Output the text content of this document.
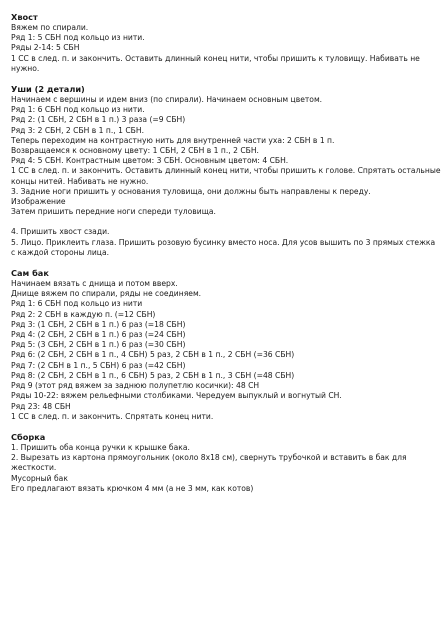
Хвост
Вяжем по спирали.
Ряд 1: 5 СБН под кольцо из нити.
Ряды 2-14: 5 СБН
1 СС в след. п. и закончить. Оставить длинный конец нити, чтобы пришить к туловищу. Набивать не нужно.
Уши (2 детали)
Начинаем с вершины и идем вниз (по спирали). Начинаем основным цветом.
Ряд 1: 6 СБН под кольцо из нити.
Ряд 2: (1 СБН, 2 СБН в 1 п.) 3 раза (=9 СБН)
Ряд 3: 2 СБН, 2 СБН в 1 п., 1 СБН.
Теперь переходим на контрастную нить для внутренней части уха: 2 СБН в 1 п.
Возвращаемся к основному цвету: 1 СБН, 2 СБН в 1 п., 2 СБН.
Ряд 4: 5 СБН. Контрастным цветом: 3 СБН. Основным цветом: 4 СБН.
1 СС в след. п. и закончить. Оставить длинный конец нити, чтобы пришить к голове. Спрятать остальные концы нитей. Набивать не нужно.
3. Задние ноги пришить у основания туловища, они должны быть направлены к переду.
Изображение
Затем пришить передние ноги спереди туловища.
4. Пришить хвост сзади.
5. Лицо. Приклеить глаза. Пришить розовую бусинку вместо носа. Для усов вышить по 3 прямых стежка с каждой стороны лица.
Сам бак
Начинаем вязать с днища и потом вверх.
Днище вяжем по спирали, ряды не соединяем.
Ряд 1: 6 СБН под кольцо из нити
Ряд 2: 2 СБН в каждую п. (=12 СБН)
Ряд 3: (1 СБН, 2 СБН в 1 п.) 6 раз (=18 СБН)
Ряд 4: (2 СБН, 2 СБН в 1 п.) 6 раз (=24 СБН)
Ряд 5: (3 СБН, 2 СБН в 1 п.) 6 раз (=30 СБН)
Ряд 6: (2 СБН, 2 СБН в 1 п., 4 СБН) 5 раз, 2 СБН в 1 п., 2 СБН (=36 СБН)
Ряд 7: (2 СБН в 1 п., 5 СБН) 6 раз (=42 СБН)
Ряд 8: (2 СБН, 2 СБН в 1 п., 6 СБН) 5 раз, 2 СБН в 1 п., 3 СБН (=48 СБН)
Ряд 9 (этот ряд вяжем за заднюю полупетлю косички): 48 СН
Ряды 10-22: вяжем рельефными столбиками. Чередуем выпуклый и вогнутый СН.
Ряд 23: 48 СБН
1 СС в след. п. и закончить. Спрятать конец нити.
Сборка
1. Пришить оба конца ручки к крышке бака.
2. Вырезать из картона прямоугольник (около 8x18 см), свернуть трубочкой и вставить в бак для жесткости.
Мусорный бак
Его предлагают вязать крючком 4 мм (а не 3 мм, как котов)
